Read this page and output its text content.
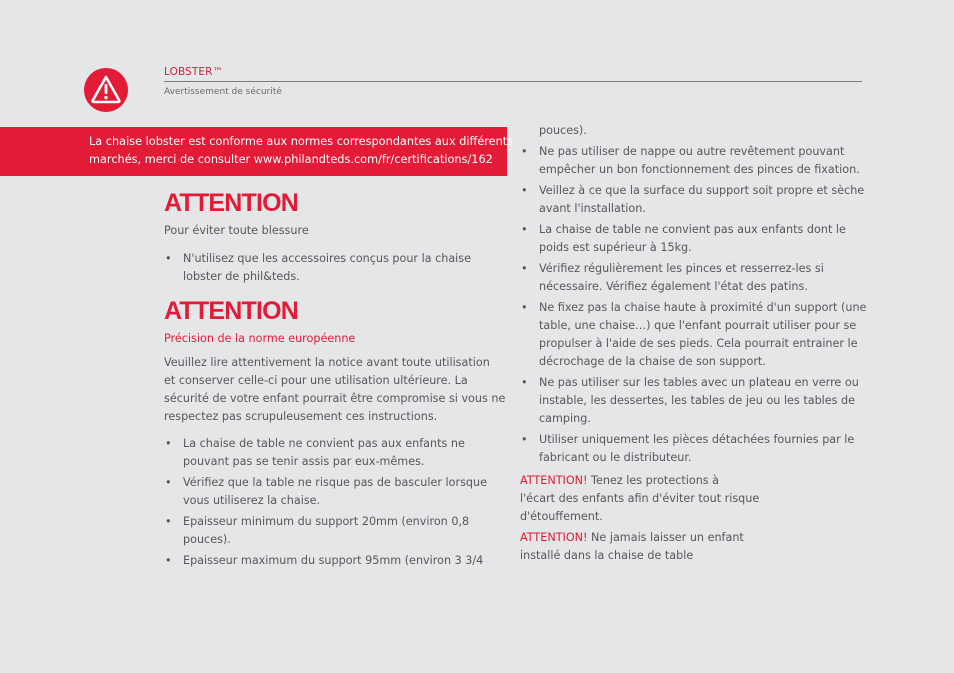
LOBSTER™
Avertissement de sécurité
La chaise lobster est conforme aux normes correspondantes aux différents
marchés, merci de consulter www.philandteds.com/fr/certifications/162
ATTENTION

Pour éviter toute blessure

• N'utilisez que les accessoires conçus pour la chaise
lobster de phil&teds.
ATTENTION

Précision de la norme européenne

Veuillez lire attentivement la notice avant toute utilisation
et conserver celle-ci pour une utilisation ultérieure. La
sécurité de votre enfant pourrait être compromise si vous ne
respectez pas scrupuleusement ces instructions.

• La chaise de table ne convient pas aux enfants ne
pouvant pas se tenir assis par eux-mêmes.
• Vérifiez que la table ne risque pas de basculer lorsque
vous utiliserez la chaise.
• Epaisseur minimum du support 20mm (environ 0,8
pouces).
• Epaisseur maximum du support 95mm (environ 3 3/4

pouces).

• Ne pas utiliser de nappe ou autre revêtement pouvant
empêcher un bon fonctionnement des pinces de fixation.
• Veillez à ce que la surface du support soit propre et sèche
avant l'installation.
• La chaise de table ne convient pas aux enfants dont le
poids est supérieur à 15kg.
• Vérifiez régulièrement les pinces et resserrez-les si
nécessaire. Vérifiez également l'état des patins.
• Ne fixez pas la chaise haute à proximité d'un support (une
table, une chaise…) que l'enfant pourrait utiliser pour se
propulser à l'aide de ses pieds. Cela pourrait entrainer le
décrochage de la chaise de son support.
• Ne pas utiliser sur les tables avec un plateau en verre ou
instable, les dessertes, les tables de jeu ou les tables de
camping.
• Utiliser uniquement les pièces détachées fournies par le
fabricant ou le distributeur.

ATTENTION! Tenez les protections à
l'écart des enfants afin d'éviter tout risque
d'étouffement.

ATTENTION! Ne jamais laisser un enfant
installé dans la chaise de table
